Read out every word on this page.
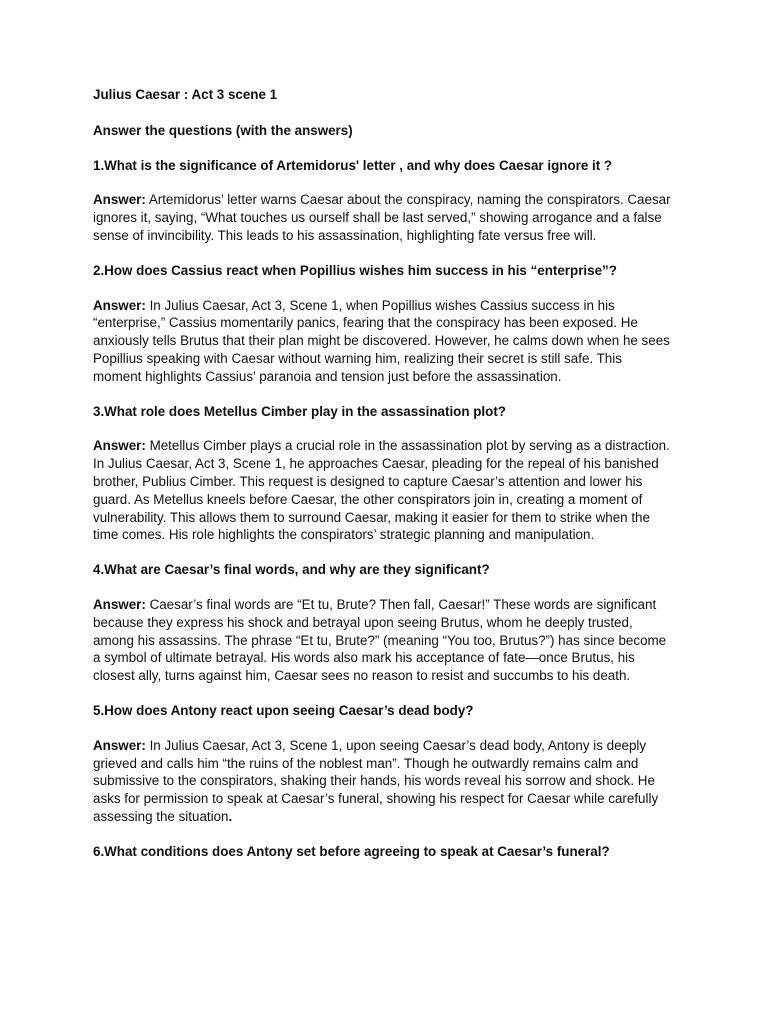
Julius Caesar : Act 3 scene 1

Answer the questions (with the answers)

1.What is the significance of Artemidorus' letter , and why does Caesar ignore it ?

Answer: Artemidorus’ letter warns Caesar about the conspiracy, naming the conspirators. Caesar ignores it, saying, “What touches us ourself shall be last served,” showing arrogance and a false sense of invincibility. This leads to his assassination, highlighting fate versus free will.

2.How does Cassius react when Popillius wishes him success in his “enterprise”?

Answer: In Julius Caesar, Act 3, Scene 1, when Popillius wishes Cassius success in his “enterprise,” Cassius momentarily panics, fearing that the conspiracy has been exposed. He anxiously tells Brutus that their plan might be discovered. However, he calms down when he sees Popillius speaking with Caesar without warning him, realizing their secret is still safe. This moment highlights Cassius’ paranoia and tension just before the assassination.

3.What role does Metellus Cimber play in the assassination plot?

Answer: Metellus Cimber plays a crucial role in the assassination plot by serving as a distraction. In Julius Caesar, Act 3, Scene 1, he approaches Caesar, pleading for the repeal of his banished brother, Publius Cimber. This request is designed to capture Caesar’s attention and lower his guard. As Metellus kneels before Caesar, the other conspirators join in, creating a moment of vulnerability. This allows them to surround Caesar, making it easier for them to strike when the time comes. His role highlights the conspirators’ strategic planning and manipulation.

4.What are Caesar’s final words, and why are they significant?

Answer: Caesar’s final words are “Et tu, Brute? Then fall, Caesar!” These words are significant because they express his shock and betrayal upon seeing Brutus, whom he deeply trusted, among his assassins. The phrase “Et tu, Brute?” (meaning “You too, Brutus?”) has since become a symbol of ultimate betrayal. His words also mark his acceptance of fate—once Brutus, his closest ally, turns against him, Caesar sees no reason to resist and succumbs to his death.

5.How does Antony react upon seeing Caesar’s dead body?

Answer: In Julius Caesar, Act 3, Scene 1, upon seeing Caesar’s dead body, Antony is deeply grieved and calls him “the ruins of the noblest man”. Though he outwardly remains calm and submissive to the conspirators, shaking their hands, his words reveal his sorrow and shock. He asks for permission to speak at Caesar’s funeral, showing his respect for Caesar while carefully assessing the situation.

6.What conditions does Antony set before agreeing to speak at Caesar’s funeral?
